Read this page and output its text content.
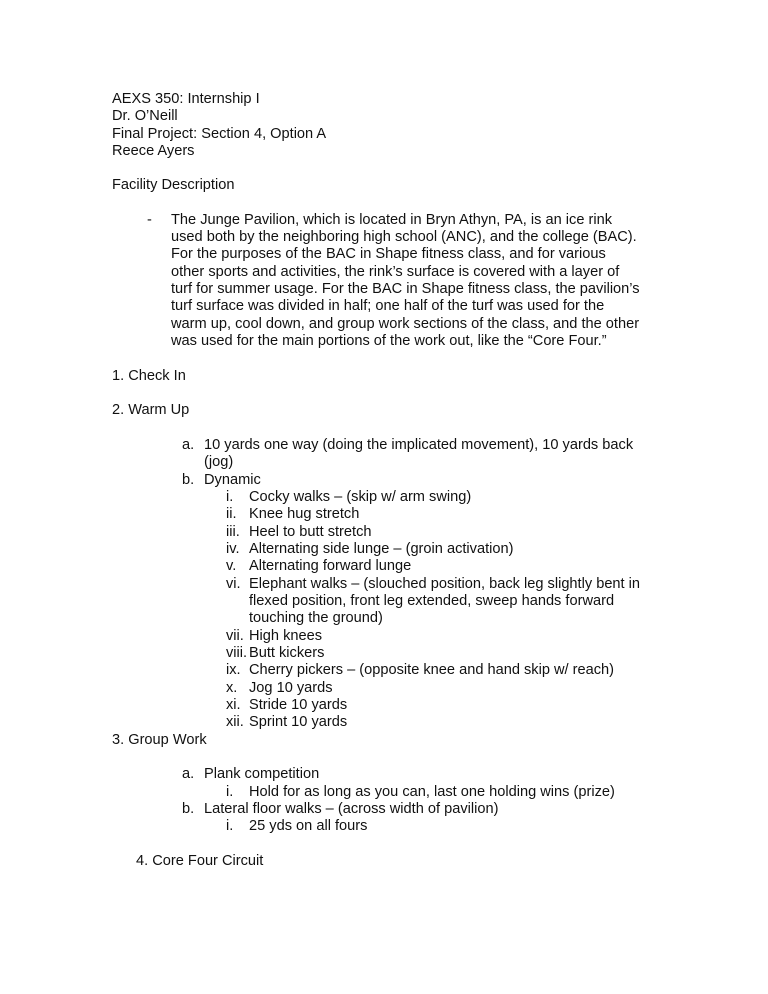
AEXS 350: Internship I
Dr. O’Neill
Final Project: Section 4, Option A
Reece Ayers
Facility Description
- The Junge Pavilion, which is located in Bryn Athyn, PA, is an ice rink
used both by the neighboring high school (ANC), and the college (BAC).
For the purposes of the BAC in Shape fitness class, and for various
other sports and activities, the rink’s surface is covered with a layer of
turf for summer usage. For the BAC in Shape fitness class, the pavilion’s
turf surface was divided in half; one half of the turf was used for the
warm up, cool down, and group work sections of the class, and the other
was used for the main portions of the work out, like the “Core Four.”
1. Check In
2. Warm Up
a. 10 yards one way (doing the implicated movement), 10 yards back
(jog)
b. Dynamic
i. Cocky walks – (skip w/ arm swing)
ii. Knee hug stretch
iii. Heel to butt stretch
iv. Alternating side lunge – (groin activation)
v. Alternating forward lunge
vi. Elephant walks – (slouched position, back leg slightly bent in
flexed position, front leg extended, sweep hands forward
touching the ground)
vii. High knees
viii. Butt kickers
ix. Cherry pickers – (opposite knee and hand skip w/ reach)
x. Jog 10 yards
xi. Stride 10 yards
xii. Sprint 10 yards
3. Group Work
a. Plank competition
i. Hold for as long as you can, last one holding wins (prize)
b. Lateral floor walks – (across width of pavilion)
i. 25 yds on all fours
4. Core Four Circuit
